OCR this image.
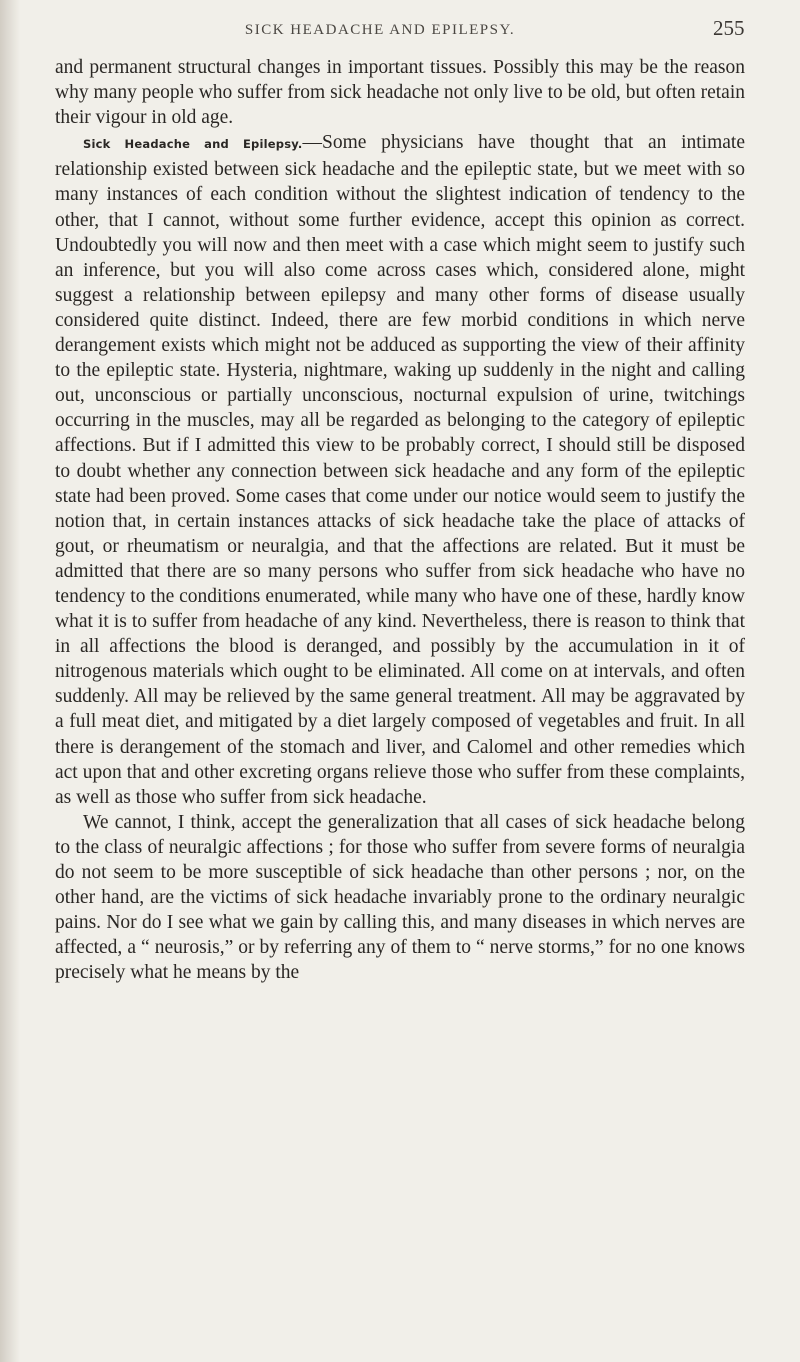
SICK HEADACHE AND EPILEPSY.	255

and permanent structural changes in important tissues. Possibly this may be the reason why many people who suffer from sick headache not only live to be old, but often retain their vigour in old age.

Sick Headache and Epilepsy.—Some physicians have thought that an intimate relationship existed between sick headache and the epileptic state, but we meet with so many instances of each condition without the slightest indication of tendency to the other, that I cannot, without some further evidence, accept this opinion as correct. Undoubtedly you will now and then meet with a case which might seem to justify such an inference, but you will also come across cases which, considered alone, might suggest a relationship between epilepsy and many other forms of disease usually considered quite distinct. Indeed, there are few morbid conditions in which nerve derangement exists which might not be adduced as supporting the view of their affinity to the epileptic state. Hysteria, nightmare, waking up suddenly in the night and calling out, unconscious or partially unconscious, nocturnal expulsion of urine, twitchings occurring in the muscles, may all be regarded as belonging to the category of epileptic affections. But if I admitted this view to be probably correct, I should still be disposed to doubt whether any connection between sick headache and any form of the epileptic state had been proved. Some cases that come under our notice would seem to justify the notion that, in certain instances attacks of sick headache take the place of attacks of gout, or rheumatism or neuralgia, and that the affections are related. But it must be admitted that there are so many persons who suffer from sick headache who have no tendency to the conditions enumerated, while many who have one of these, hardly know what it is to suffer from headache of any kind. Nevertheless, there is reason to think that in all affections the blood is deranged, and possibly by the accumulation in it of nitrogenous materials which ought to be eliminated. All come on at intervals, and often suddenly. All may be relieved by the same general treatment. All may be aggravated by a full meat diet, and mitigated by a diet largely composed of vegetables and fruit. In all there is derangement of the stomach and liver, and Calomel and other remedies which act upon that and other excreting organs relieve those who suffer from these complaints, as well as those who suffer from sick headache.

We cannot, I think, accept the generalization that all cases of sick headache belong to the class of neuralgic affections ; for those who suffer from severe forms of neuralgia do not seem to be more susceptible of sick headache than other persons ; nor, on the other hand, are the victims of sick headache invariably prone to the ordinary neuralgic pains. Nor do I see what we gain by calling this, and many diseases in which nerves are affected, a “ neurosis,” or by referring any of them to “ nerve storms,” for no one knows precisely what he means by the
